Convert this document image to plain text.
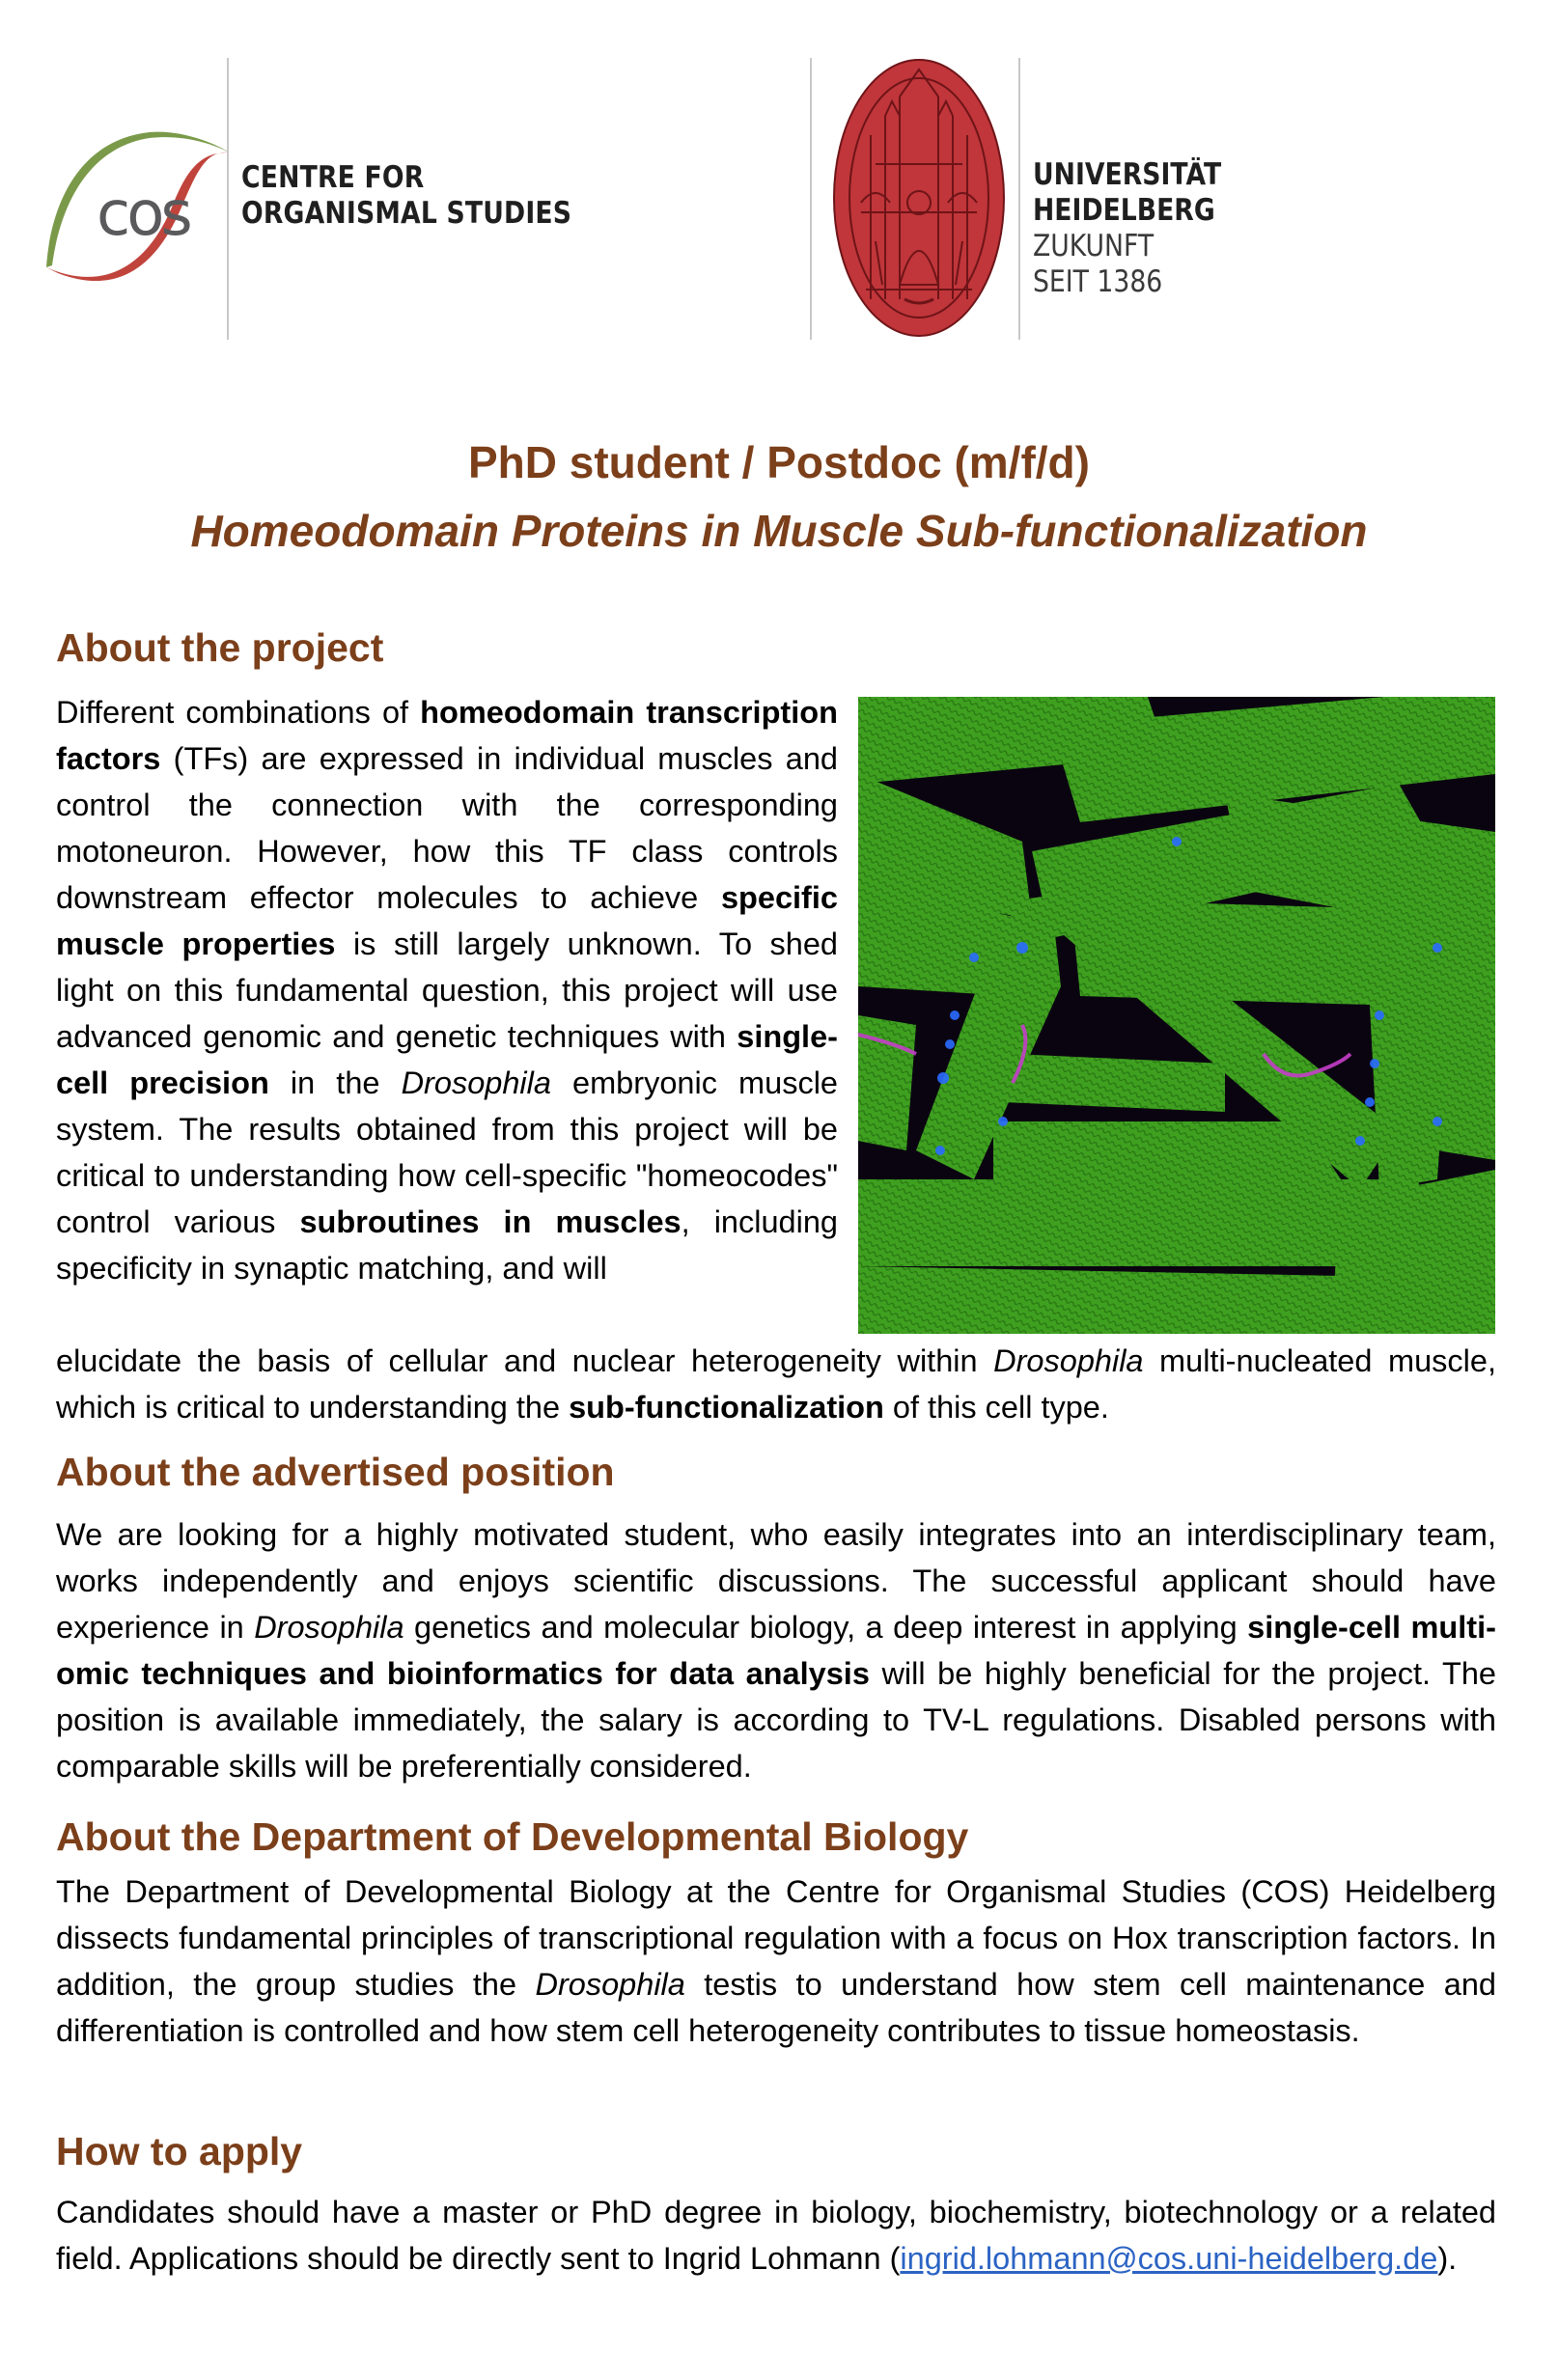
cos
CENTRE FOR
ORGANISMAL STUDIES
UNIVERSITÄT
HEIDELBERG
ZUKUNFT
SEIT 1386
PhD student / Postdoc (m/f/d)
Homeodomain Proteins in Muscle Sub-functionalization
About the project
Different combinations of homeodomain transcription factors (TFs) are expressed in individual muscles and control the connection with the corresponding motoneuron. However, how this TF class controls downstream effector molecules to achieve specific muscle properties is still largely unknown. To shed light on this fundamental question, this project will use advanced genomic and genetic techniques with single-cell precision in the Drosophila embryonic muscle system. The results obtained from this project will be critical to understanding how cell-specific "homeocodes" control various subroutines in muscles, including specificity in synaptic matching, and will
elucidate the basis of cellular and nuclear heterogeneity within Drosophila multi-nucleated muscle, which is critical to understanding the sub-functionalization of this cell type.
About the advertised position
We are looking for a highly motivated student, who easily integrates into an interdisciplinary team, works independently and enjoys scientific discussions. The successful applicant should have experience in Drosophila genetics and molecular biology, a deep interest in applying single-cell multi-omic techniques and bioinformatics for data analysis will be highly beneficial for the project. The position is available immediately, the salary is according to TV-L regulations. Disabled persons with comparable skills will be preferentially considered.
About the Department of Developmental Biology
The Department of Developmental Biology at the Centre for Organismal Studies (COS) Heidelberg dissects fundamental principles of transcriptional regulation with a focus on Hox transcription factors. In addition, the group studies the Drosophila testis to understand how stem cell maintenance and differentiation is controlled and how stem cell heterogeneity contributes to tissue homeostasis.
How to apply
Candidates should have a master or PhD degree in biology, biochemistry, biotechnology or a related field. Applications should be directly sent to Ingrid Lohmann (ingrid.lohmann@cos.uni-heidelberg.de).
